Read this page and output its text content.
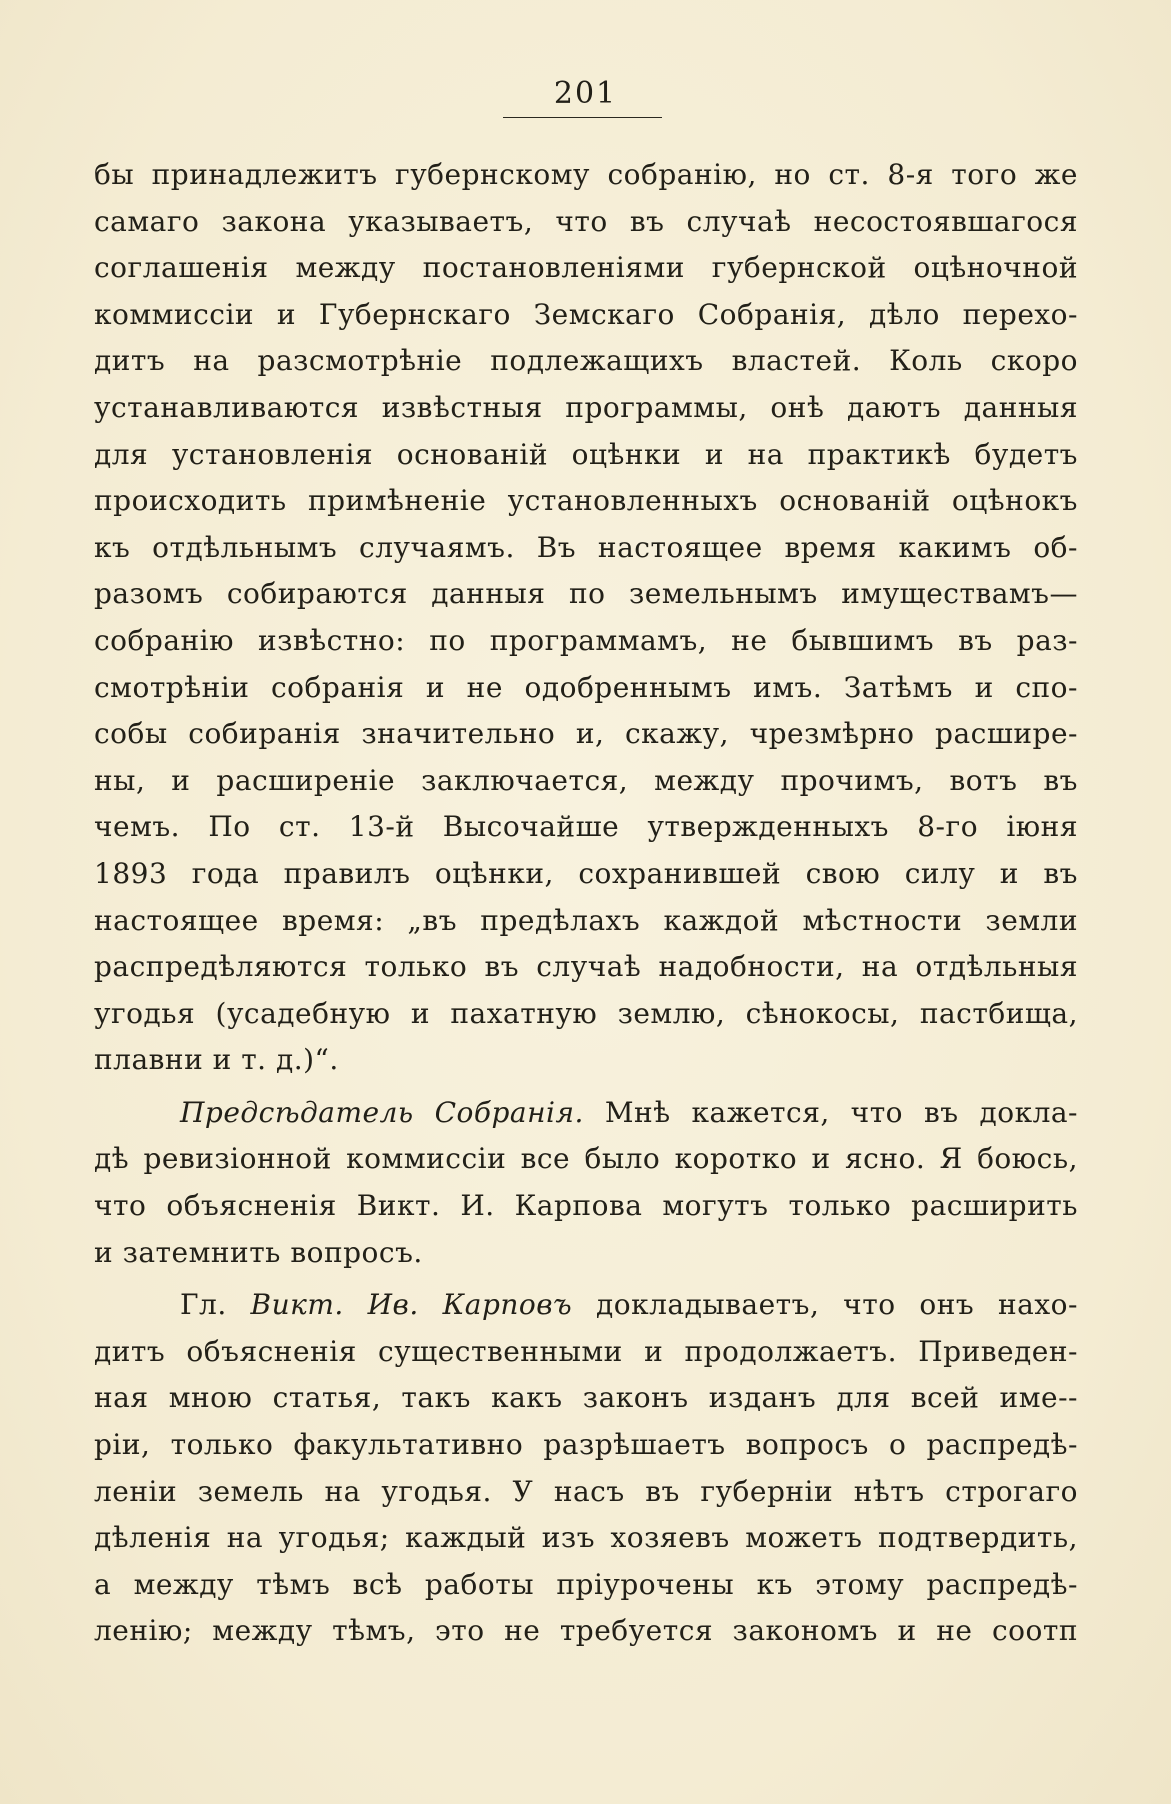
201
бы принадлежитъ губернскому собранію, но ст. 8-я того же
самаго закона указываетъ, что въ случаѣ несостоявшагося
соглашенія между постановленіями губернской оцѣночной
коммиссіи и Губернскаго Земскаго Собранія, дѣло перехо-
дитъ на разсмотрѣніе подлежащихъ властей. Коль скоро
устанавливаются извѣстныя программы, онѣ даютъ данныя
для установленія основаній оцѣнки и на практикѣ будетъ
происходить примѣненіе установленныхъ основаній оцѣнокъ
къ отдѣльнымъ случаямъ. Въ настоящее время какимъ об-
разомъ собираются данныя по земельнымъ имуществамъ—
собранію извѣстно: по программамъ, не бывшимъ въ раз-
смотрѣніи собранія и не одобреннымъ имъ. Затѣмъ и спо-
собы собиранія значительно и, скажу, чрезмѣрно расшире-
ны, и расширеніе заключается, между прочимъ, вотъ въ
чемъ. По ст. 13-й Высочайше утвержденныхъ 8-го іюня
1893 года правилъ оцѣнки, сохранившей свою силу и въ
настоящее время: „въ предѣлахъ каждой мѣстности земли
распредѣляются только въ случаѣ надобности, на отдѣльныя
угодья (усадебную и пахатную землю, сѣнокосы, пастбища,
плавни и т. д.)“.
Предсѣдатель Собранія. Мнѣ кажется, что въ доклa-
дѣ ревизіонной коммиссіи все было коротко и ясно. Я боюсь,
что объясненія Викт. И. Карпова могутъ только расширить
и затемнить вопросъ.
Гл. Викт. Ив. Карповъ докладываетъ, что онъ нахо-
дитъ объясненія существенными и продолжаетъ. Приведен-
ная мною статья, такъ какъ законъ изданъ для всей име--
ріи, только факультативно разрѣшаетъ вопросъ о распредѣ-
леніи земель на угодья. У насъ въ губерніи нѣтъ строгаго
дѣленія на угодья; каждый изъ хозяевъ можетъ подтвердить,
а между тѣмъ всѣ работы пріурочены къ этому распредѣ-
ленію; между тѣмъ, это не требуется закономъ и не соотп
